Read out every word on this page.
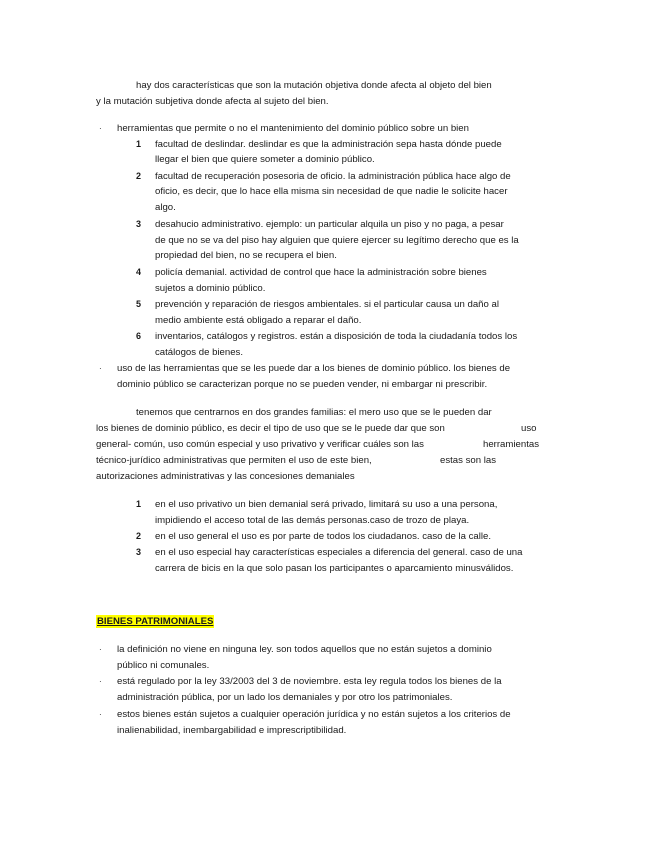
hay dos características que son la mutación objetiva donde afecta al objeto del bien
y la mutación subjetiva donde afecta al sujeto del bien.
· herramientas que permite o no el mantenimiento del dominio público sobre un bien
1 facultad de deslindar. deslindar es que la administración sepa hasta dónde puede
llegar el bien que quiere someter a dominio público.
2 facultad de recuperación posesoria de oficio. la administración pública hace algo de
oficio, es decir, que lo hace ella misma sin necesidad de que nadie le solicite hacer
algo.
3 desahucio administrativo. ejemplo: un particular alquila un piso y no paga, a pesar
de que no se va del piso hay alguien que quiere ejercer su legítimo derecho que es la
propiedad del bien, no se recupera el bien.
4 policía demanial. actividad de control que hace la administración sobre bienes
sujetos a dominio público.
5 prevención y reparación de riesgos ambientales. si el particular causa un daño al
medio ambiente está obligado a reparar el daño.
6 inventarios, catálogos y registros. están a disposición de toda la ciudadanía todos los
catálogos de bienes.
· uso de las herramientas que se les puede dar a los bienes de dominio público. los bienes de
dominio público se caracterizan porque no se pueden vender, ni embargar ni prescribir.
tenemos que centrarnos en dos grandes familias: el mero uso que se le pueden dar
los bienes de dominio público, es decir el tipo de uso que se le puede dar que son	uso
general- común, uso común especial y uso privativo y verificar cuáles son las	herramientas
técnico-jurídico administrativas que permiten el uso de este bien,	estas son las
autorizaciones administrativas y las concesiones demaniales
1 en el uso privativo un bien demanial será privado, limitará su uso a una persona,
impidiendo el acceso total de las demás personas.caso de trozo de playa.
2 en el uso general el uso es por parte de todos los ciudadanos. caso de la calle.
3 en el uso especial hay características especiales a diferencia del general. caso de una
carrera de bicis en la que solo pasan los participantes o aparcamiento minusválidos.
BIENES PATRIMONIALES
· la definición no viene en ninguna ley. son todos aquellos que no están sujetos a dominio
público ni comunales.
· está regulado por la ley 33/2003 del 3 de noviembre. esta ley regula todos los bienes de la
administración pública, por un lado los demaniales y por otro los patrimoniales.
· estos bienes están sujetos a cualquier operación jurídica y no están sujetos a los criterios de
inalienabilidad, inembargabilidad e imprescriptibilidad.
